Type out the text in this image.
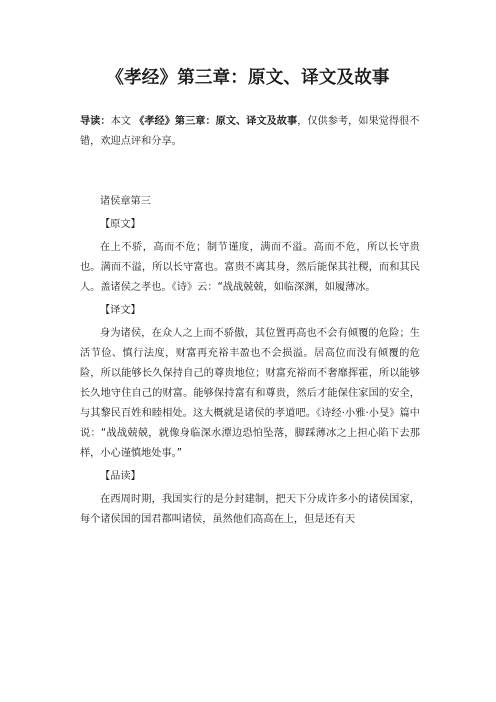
《孝经》第三章：原文、译文及故事
导读：本文 《孝经》第三章：原文、译文及故事，仅供参考，如果觉得很不错，欢迎点评和分享。
诸侯章第三
【原文】

在上不骄，高而不危；制节谨度，满而不溢。高而不危，所以长守贵也。满而不溢，所以长守富也。富贵不离其身，然后能保其社稷，而和其民人。盖诸侯之孝也。《诗》云：“战战兢兢，如临深渊，如履薄冰。

【译文】

身为诸侯，在众人之上而不骄傲，其位置再高也不会有倾覆的危险；生活节俭、慎行法度，财富再充裕丰盈也不会损溢。居高位而没有倾覆的危险，所以能够长久保持自己的尊贵地位；财富充裕而不奢靡挥霍，所以能够长久地守住自己的财富。能够保持富有和尊贵，然后才能保住家国的安全，与其黎民百姓和睦相处。这大概就是诸侯的孝道吧。《诗经·小雅·小旻》篇中说：“战战兢兢，就像身临深水潭边恐怕坠落，脚踩薄冰之上担心陷下去那样，小心谨慎地处事。”

【品读】

在西周时期，我国实行的是分封建制，把天下分成许多小的诸侯国家，每个诸侯国的国君都叫诸侯，虽然他们高高在上，但是还有天
